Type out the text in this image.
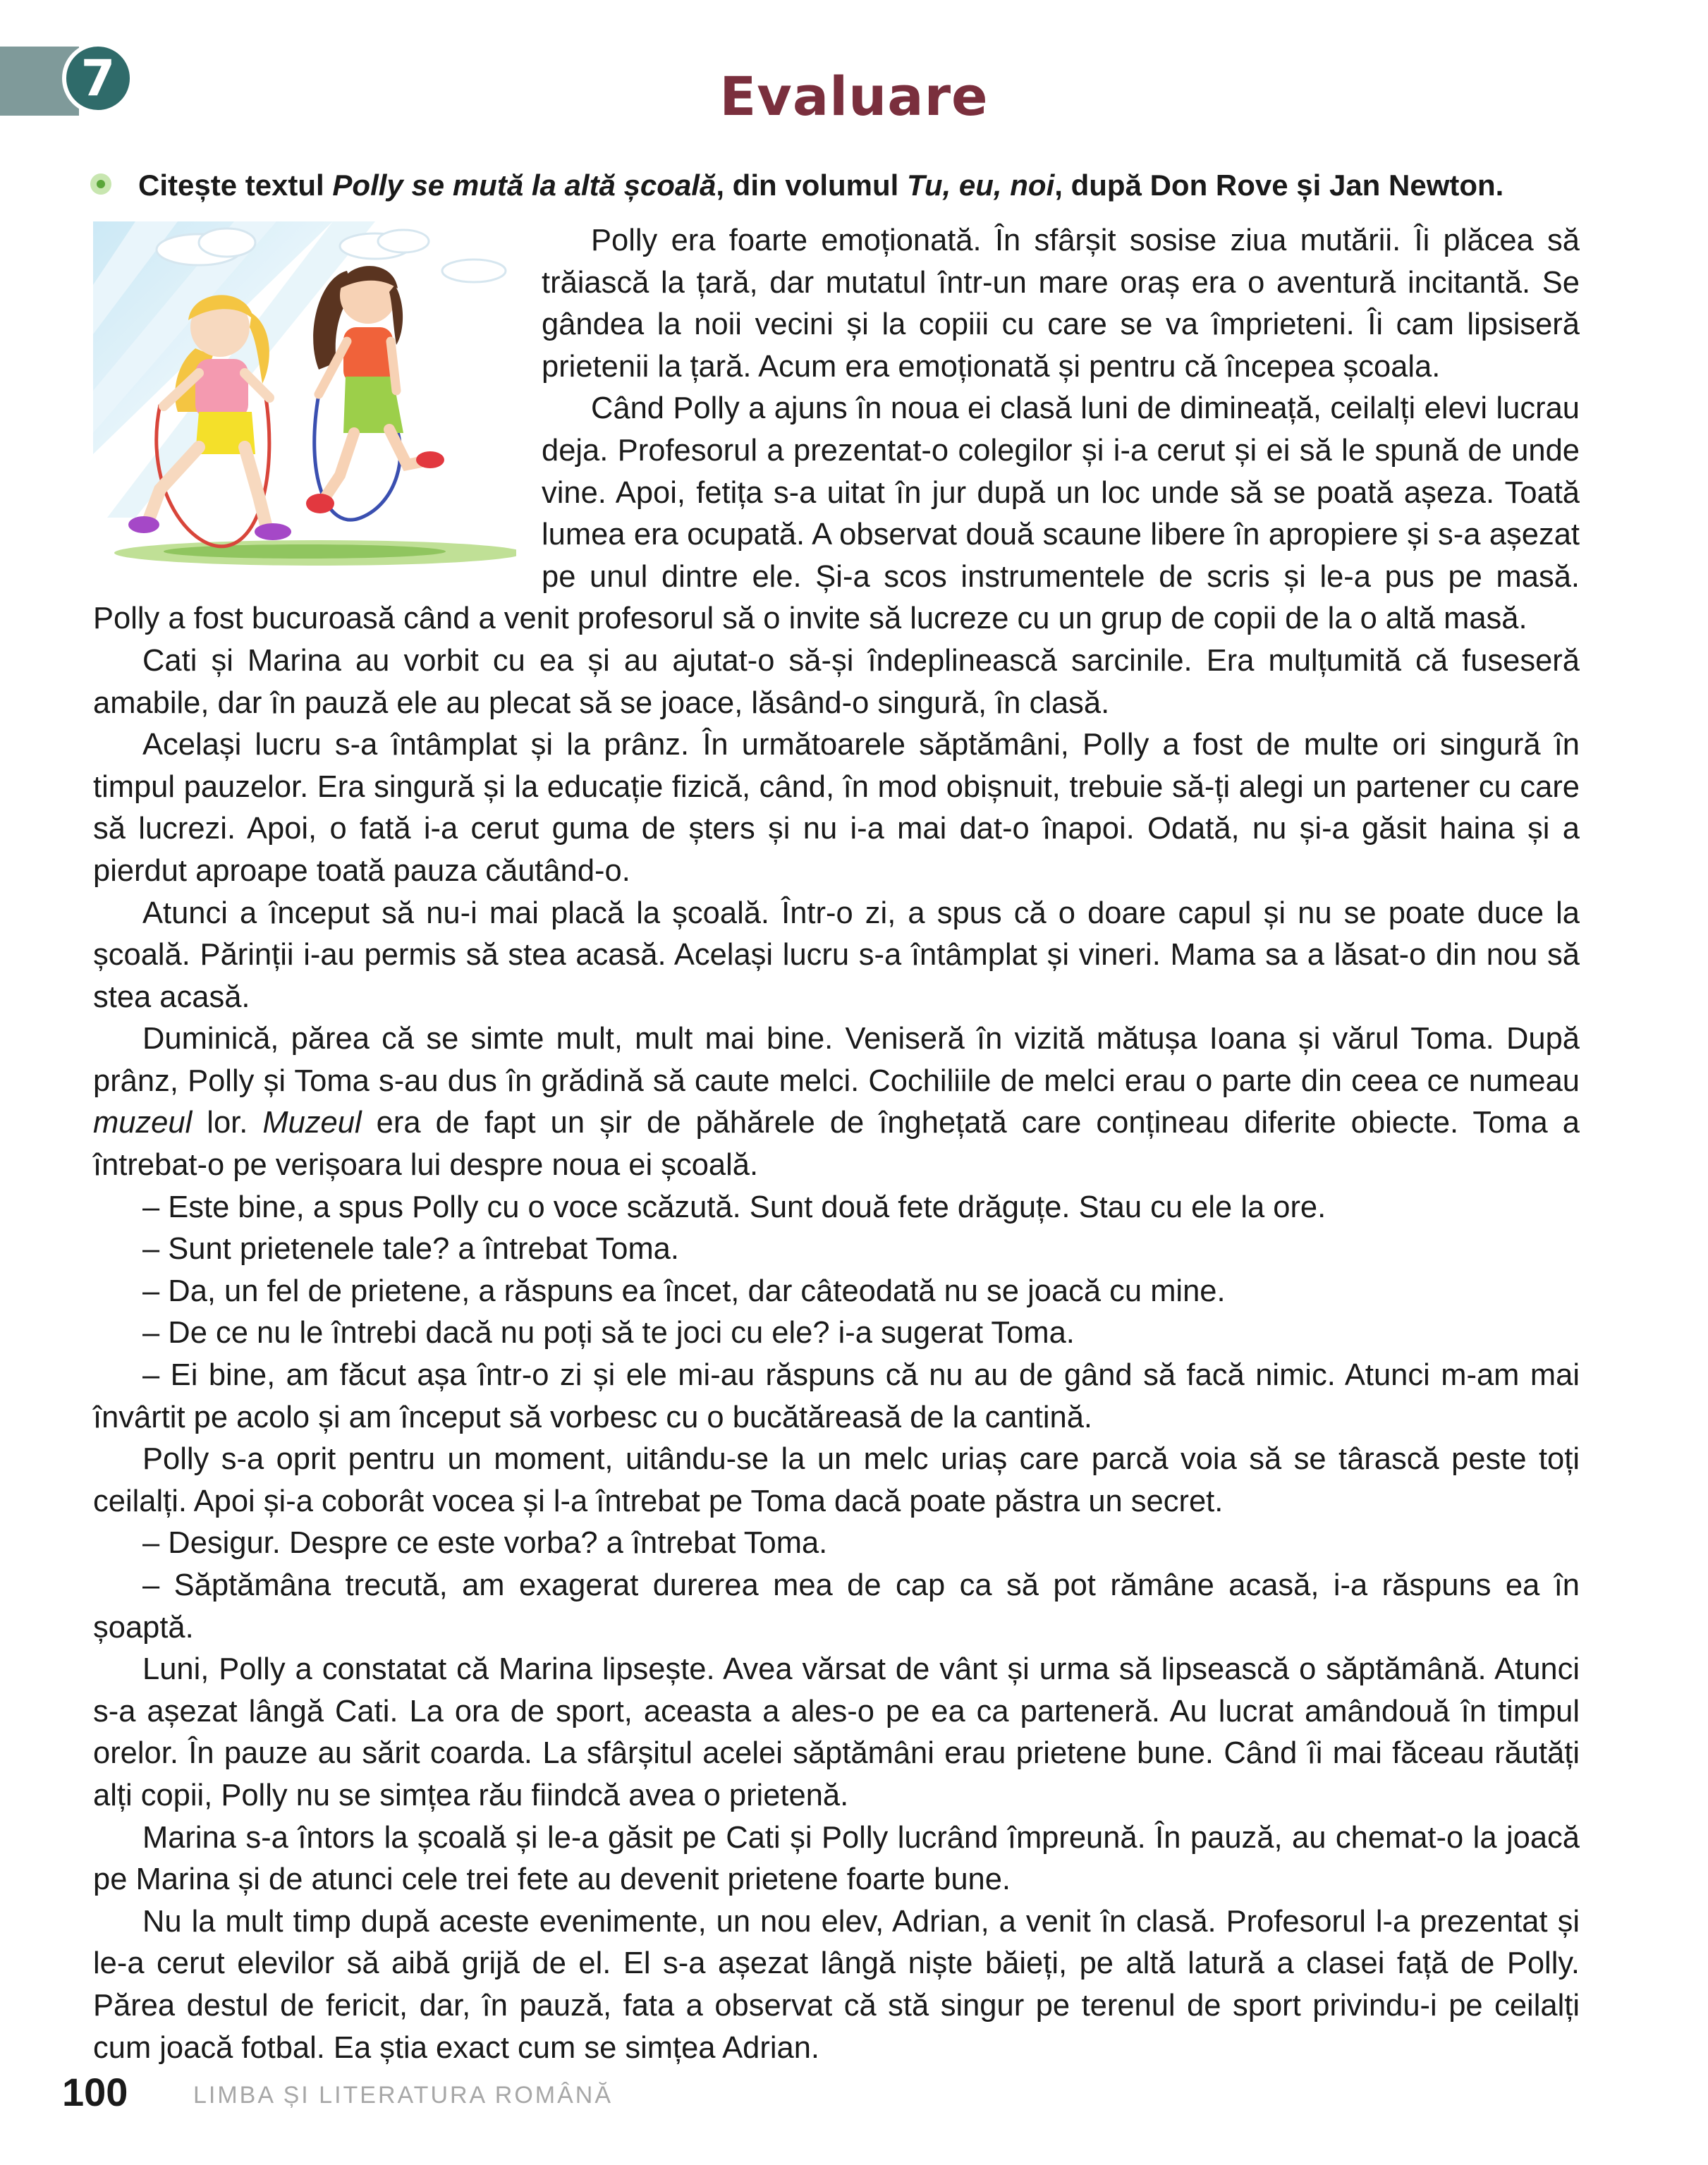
7	Evaluare
Citește textul Polly se mută la altă școală, din volumul Tu, eu, noi, după Don Rove și Jan Newton.

Polly era foarte emoționată. În sfârșit sosise ziua mutării. Îi plăcea să trăiască la țară, dar mutatul într-un mare oraș era o aventură incitantă. Se gândea la noii vecini și la copiii cu care se va împrieteni. Îi cam lipsiseră prietenii la țară. Acum era emoționată și pentru că începea școala.

Când Polly a ajuns în noua ei clasă luni de dimineață, ceilalți elevi lucrau deja. Profesorul a prezentat-o colegilor și i-a cerut și ei să le spună de unde vine. Apoi, fetița s-a uitat în jur după un loc unde să se poată așeza. Toată lumea era ocupată. A observat două scaune libere în apropiere și s-a așezat pe unul dintre ele. Și-a scos instrumentele de scris și le-a pus pe masă. Polly a fost bucuroasă când a venit profesorul să o invite să lucreze cu un grup de copii de la o altă masă.

Cati și Marina au vorbit cu ea și au ajutat-o să-și îndeplinească sarcinile. Era mulțumită că fuseseră amabile, dar în pauză ele au plecat să se joace, lăsând-o singură, în clasă.

Același lucru s-a întâmplat și la prânz. În următoarele săptămâni, Polly a fost de multe ori singură în timpul pauzelor. Era singură și la educație fizică, când, în mod obișnuit, trebuie să-ți alegi un partener cu care să lucrezi. Apoi, o fată i-a cerut guma de șters și nu i-a mai dat-o înapoi. Odată, nu și-a găsit haina și a pierdut aproape toată pauza căutând-o.

Atunci a început să nu-i mai placă la școală. Într-o zi, a spus că o doare capul și nu se poate duce la școală. Părinții i-au permis să stea acasă. Același lucru s-a întâmplat și vineri. Mama sa a lăsat-o din nou să stea acasă.

Duminică, părea că se simte mult, mult mai bine. Veniseră în vizită mătușa Ioana și vărul Toma. După prânz, Polly și Toma s-au dus în grădină să caute melci. Cochiliile de melci erau o parte din ceea ce numeau muzeul lor. Muzeul era de fapt un șir de păhărele de înghețată care conțineau diferite obiecte. Toma a întrebat-o pe verișoara lui despre noua ei școală.

– Este bine, a spus Polly cu o voce scăzută. Sunt două fete drăguțe. Stau cu ele la ore.

– Sunt prietenele tale? a întrebat Toma.

– Da, un fel de prietene, a răspuns ea încet, dar câteodată nu se joacă cu mine.

– De ce nu le întrebi dacă nu poți să te joci cu ele? i-a sugerat Toma.

– Ei bine, am făcut așa într-o zi și ele mi-au răspuns că nu au de gând să facă nimic. Atunci m-am mai învârtit pe acolo și am început să vorbesc cu o bucătăreasă de la cantină.

Polly s-a oprit pentru un moment, uitându-se la un melc uriaș care parcă voia să se târască peste toți ceilalți. Apoi și-a coborât vocea și l-a întrebat pe Toma dacă poate păstra un secret.

– Desigur. Despre ce este vorba? a întrebat Toma.

– Săptămâna trecută, am exagerat durerea mea de cap ca să pot rămâne acasă, i-a răspuns ea în șoaptă.

Luni, Polly a constatat că Marina lipsește. Avea vărsat de vânt și urma să lipsească o săptămână. Atunci s-a așezat lângă Cati. La ora de sport, aceasta a ales-o pe ea ca parteneră. Au lucrat amândouă în timpul orelor. În pauze au sărit coarda. La sfârșitul acelei săptămâni erau prietene bune. Când îi mai făceau răutăți alți copii, Polly nu se simțea rău fiindcă avea o prietenă.

Marina s-a întors la școală și le-a găsit pe Cati și Polly lucrând împreună. În pauză, au chemat-o la joacă pe Marina și de atunci cele trei fete au devenit prietene foarte bune.

Nu la mult timp după aceste evenimente, un nou elev, Adrian, a venit în clasă. Profesorul l-a prezentat și le-a cerut elevilor să aibă grijă de el. El s-a așezat lângă niște băieți, pe altă latură a clasei față de Polly. Părea destul de fericit, dar, în pauză, fata a observat că stă singur pe terenul de sport privindu-i pe ceilalți cum joacă fotbal. Ea știa exact cum se simțea Adrian.

100	LIMBA ȘI LITERATURA ROMÂNĂ
